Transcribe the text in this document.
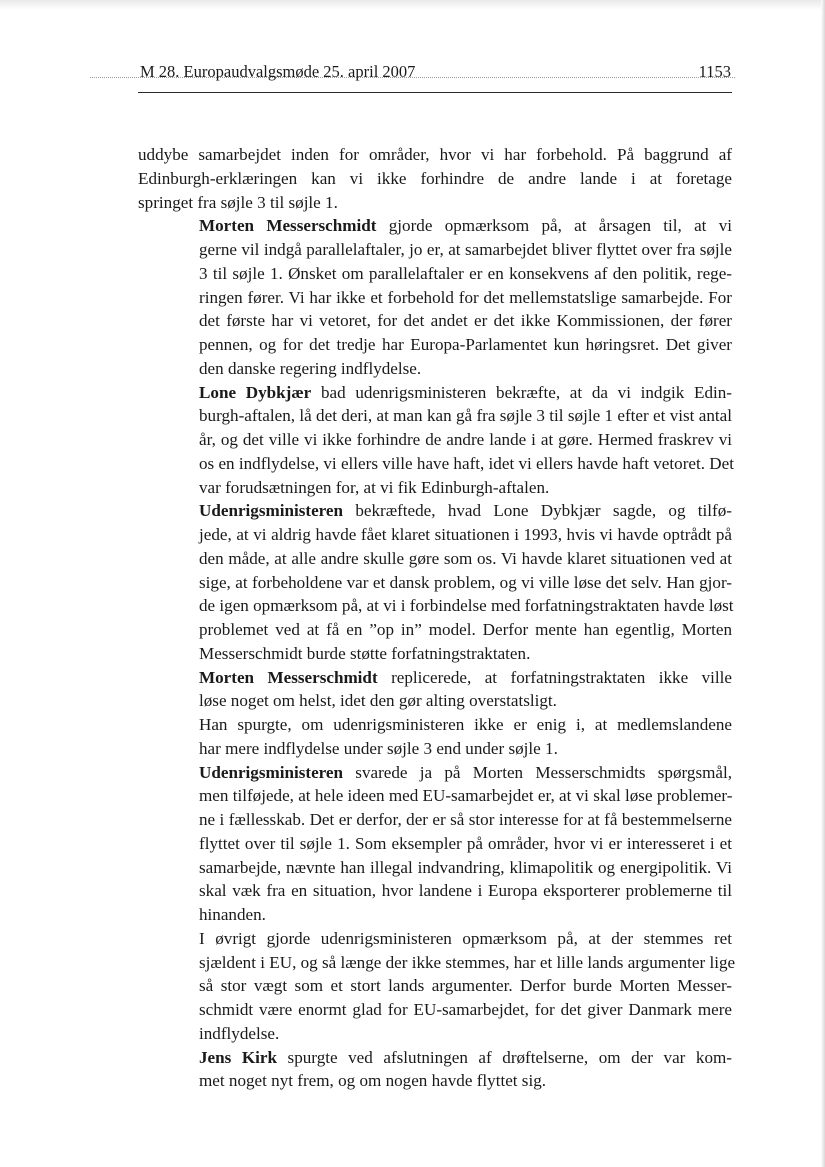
M 28. Europaudvalgsmøde 25. april 2007	1153

uddybe samarbejdet inden for områder, hvor vi har forbehold. På baggrund af
Edinburgh-erklæringen kan vi ikke forhindre de andre lande i at foretage
springet fra søjle 3 til søjle 1.

Morten Messerschmidt gjorde opmærksom på, at årsagen til, at vi
gerne vil indgå parallelaftaler, jo er, at samarbejdet bliver flyttet over fra søjle
3 til søjle 1. Ønsket om parallelaftaler er en konsekvens af den politik, rege-
ringen fører. Vi har ikke et forbehold for det mellemstatslige samarbejde. For
det første har vi vetoret, for det andet er det ikke Kommissionen, der fører
pennen, og for det tredje har Europa-Parlamentet kun høringsret. Det giver
den danske regering indflydelse.

Lone Dybkjær bad udenrigsministeren bekræfte, at da vi indgik Edin-
burgh-aftalen, lå det deri, at man kan gå fra søjle 3 til søjle 1 efter et vist antal
år, og det ville vi ikke forhindre de andre lande i at gøre. Hermed fraskrev vi
os en indflydelse, vi ellers ville have haft, idet vi ellers havde haft vetoret. Det
var forudsætningen for, at vi fik Edinburgh-aftalen.

Udenrigsministeren bekræftede, hvad Lone Dybkjær sagde, og tilfø-
jede, at vi aldrig havde fået klaret situationen i 1993, hvis vi havde optrådt på
den måde, at alle andre skulle gøre som os. Vi havde klaret situationen ved at
sige, at forbeholdene var et dansk problem, og vi ville løse det selv. Han gjor-
de igen opmærksom på, at vi i forbindelse med forfatningstraktaten havde løst
problemet ved at få en ”op in” model. Derfor mente han egentlig, Morten
Messerschmidt burde støtte forfatningstraktaten.

Morten Messerschmidt replicerede, at forfatningstraktaten ikke ville
løse noget om helst, idet den gør alting overstatsligt.

Han spurgte, om udenrigsministeren ikke er enig i, at medlemslandene
har mere indflydelse under søjle 3 end under søjle 1.

Udenrigsministeren svarede ja på Morten Messerschmidts spørgsmål,
men tilføjede, at hele ideen med EU-samarbejdet er, at vi skal løse problemer-
ne i fællesskab. Det er derfor, der er så stor interesse for at få bestemmelserne
flyttet over til søjle 1. Som eksempler på områder, hvor vi er interesseret i et
samarbejde, nævnte han illegal indvandring, klimapolitik og energipolitik. Vi
skal væk fra en situation, hvor landene i Europa eksporterer problemerne til
hinanden.

I øvrigt gjorde udenrigsministeren opmærksom på, at der stemmes ret
sjældent i EU, og så længe der ikke stemmes, har et lille lands argumenter lige
så stor vægt som et stort lands argumenter. Derfor burde Morten Messer-
schmidt være enormt glad for EU-samarbejdet, for det giver Danmark mere
indflydelse.

Jens Kirk spurgte ved afslutningen af drøftelserne, om der var kom-
met noget nyt frem, og om nogen havde flyttet sig.
